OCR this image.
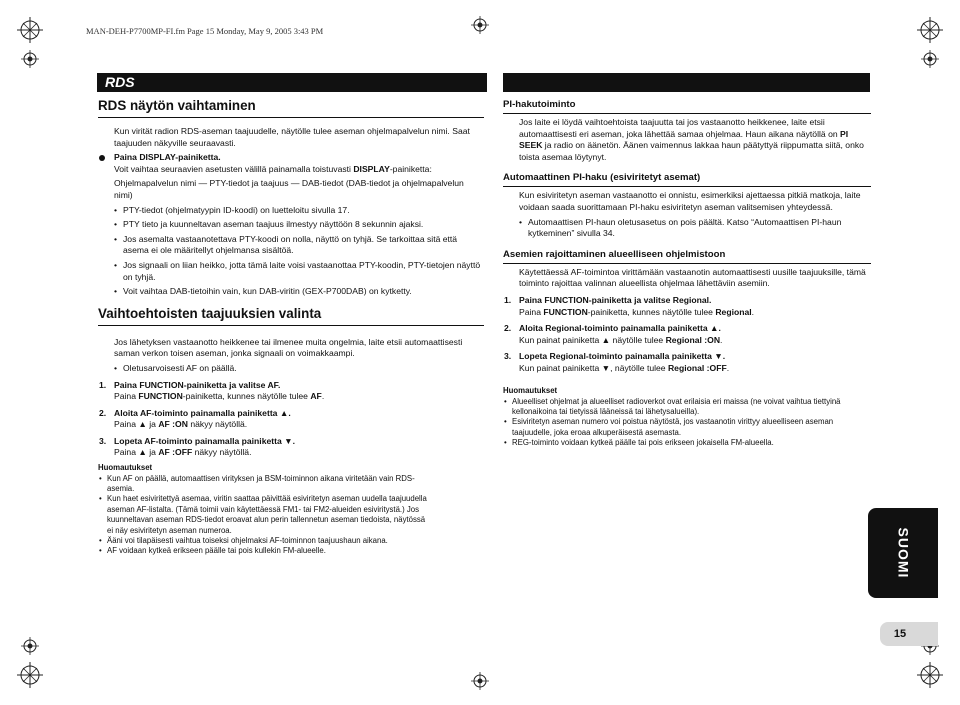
MAN-DEH-P7700MP-FI.fm Page 15 Monday, May 9, 2005 3:43 PM
RDS
RDS näytön vaihtaminen
Kun virität radion RDS-aseman taajuudelle, näytölle tulee aseman ohjelmapalvelun nimi. Saat taajuuden näkyville seuraavasti.
Paina DISPLAY-painiketta.
Voit vaihtaa seuraavien asetusten välillä painamalla toistuvasti DISPLAY-painiketta:
Ohjelmapalvelun nimi — PTY-tiedot ja taajuus — DAB-tiedot (DAB-tiedot ja ohjelmapalvelun nimi)
• PTY-tiedot (ohjelmatyypin ID-koodi) on luetteloitu sivulla 17.
• PTY tieto ja kuunneltavan aseman taajuus ilmestyy näyttöön 8 sekunnin ajaksi.
• Jos asemalta vastaanotettava PTY-koodi on nolla, näyttö on tyhjä. Se tarkoittaa sitä että asema ei ole määritellyt ohjelmansa sisältöä.
• Jos signaali on liian heikko, jotta tämä laite voisi vastaanottaa PTY-koodin, PTY-tietojen näyttö on tyhjä.
• Voit vaihtaa DAB-tietoihin vain, kun DAB-viritin (GEX-P700DAB) on kytketty.
Vaihtoehtoisten taajuuksien valinta
Jos lähetyksen vastaanotto heikkenee tai ilmenee muita ongelmia, laite etsii automaattisesti saman verkon toisen aseman, jonka signaali on voimakkaampi.
• Oletusarvoisesti AF on päällä.
1. Paina FUNCTION-painiketta ja valitse AF.
Paina FUNCTION-painiketta, kunnes näytölle tulee AF.
2. Aloita AF-toiminto painamalla painiketta ▲.
Paina ▲ ja AF :ON näkyy näytöllä.
3. Lopeta AF-toiminto painamalla painiketta ▼.
Paina ▲ ja AF :OFF näkyy näytöllä.
Huomautukset
• Kun AF on päällä, automaattisen virityksen ja BSM-toiminnon aikana viritetään vain RDS-asemia.
• Kun haet esiviritettyä asemaa, viritin saattaa päivittää esiviritetyn aseman uudella taajuudella aseman AF-listalta. (Tämä toimii vain käytettäessä FM1- tai FM2-alueiden esiviritystä.) Jos kuunneltavan aseman RDS-tiedot eroavat alun perin tallennetun aseman tiedoista, näytössä ei näy esiviritetyn aseman numeroa.
• Ääni voi tilapäisesti vaihtua toiseksi ohjelmaksi AF-toiminnon taajuushaun aikana.
• AF voidaan kytkeä erikseen päälle tai pois kullekin FM-alueelle.
PI-hakutoiminto
Jos laite ei löydä vaihtoehtoista taajuutta tai jos vastaanotto heikkenee, laite etsii automaattisesti eri aseman, joka lähettää samaa ohjelmaa. Haun aikana näytöllä on PI SEEK ja radio on äänetön. Äänen vaimennus lakkaa haun päätyttyä riippumatta siitä, onko toista asemaa löytynyt.
Automaattinen PI-haku (esiviritetyt asemat)
Kun esiviritetyn aseman vastaanotto ei onnistu, esimerkiksi ajettaessa pitkiä matkoja, laite voidaan saada suorittamaan PI-haku esiviritetyn aseman valitsemisen yhteydessä.
• Automaattisen PI-haun oletusasetus on pois päältä. Katso “Automaattisen PI-haun kytkeminen” sivulla 34.
Asemien rajoittaminen alueelliseen ohjelmistoon
Käytettäessä AF-toimintoa virittämään vastaanotin automaattisesti uusille taajuuksille, tämä toiminto rajoittaa valinnan alueellista ohjelmaa lähettäviin asemiin.
1. Paina FUNCTION-painiketta ja valitse Regional.
Paina FUNCTION-painiketta, kunnes näytölle tulee Regional.
2. Aloita Regional-toiminto painamalla painiketta ▲.
Kun painat painiketta ▲ näytölle tulee Regional :ON.
3. Lopeta Regional-toiminto painamalla painiketta ▼.
Kun painat painiketta ▼, näytölle tulee Regional :OFF.
Huomautukset
• Alueelliset ohjelmat ja alueelliset radioverkot ovat erilaisia eri maissa (ne voivat vaihtua tiettyinä kellonaikoina tai tietyissä lääneissä tai lähetysalueilla).
• Esiviritetyn aseman numero voi poistua näytöstä, jos vastaanotin virittyy alueelliseen aseman taajuudelle, joka eroaa alkuperäisestä asemasta.
• REG-toiminto voidaan kytkeä päälle tai pois erikseen jokaisella FM-alueella.
SUOMI
15
